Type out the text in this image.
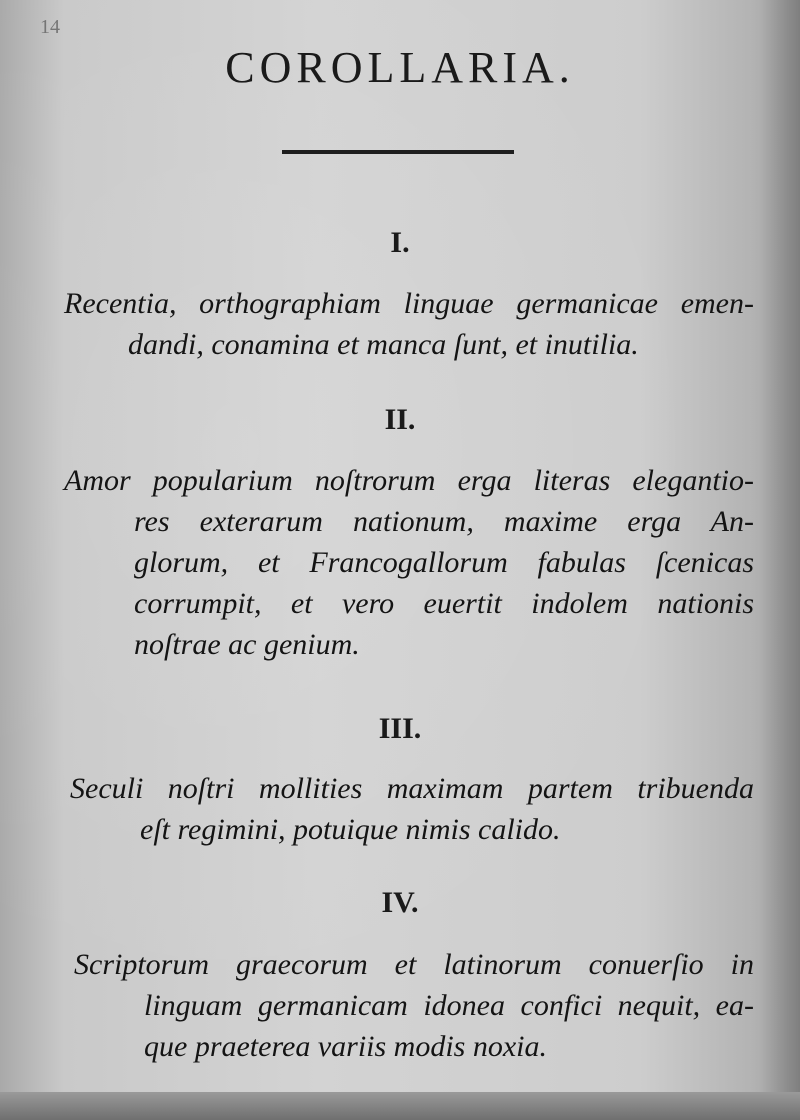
14
COROLLARIA.
I.
Recentia, orthographiam linguae germanicae emen-
dandi, conamina et manca ſunt, et inutilia.
II.
Amor popularium noſtrorum erga literas elegantio-
res exterarum nationum, maxime erga An-
glorum, et Francogallorum fabulas ſcenicas
corrumpit, et vero euertit indolem nationis
noſtrae ac genium.
III.
Seculi noſtri mollities maximam partem tribuenda
eſt regimini, potuique nimis calido.
IV.
Scriptorum graecorum et latinorum conuerſio in
linguam germanicam idonea confici nequit, ea-
que praeterea variis modis noxia.
